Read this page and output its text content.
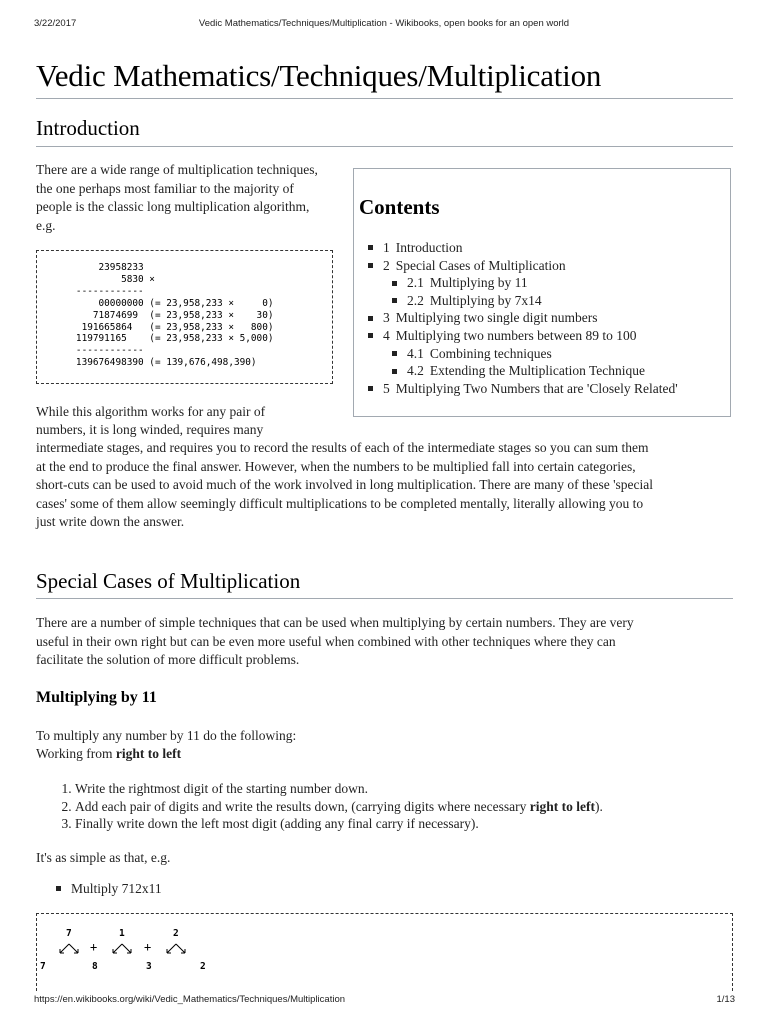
3/22/2017	Vedic Mathematics/Techniques/Multiplication - Wikibooks, open books for an open world
Vedic Mathematics/Techniques/Multiplication
Introduction

There are a wide range of multiplication techniques, the one perhaps most familiar to the majority of people is the classic long multiplication algorithm, e.g.

Contents
1 Introduction
2 Special Cases of Multiplication
2.1 Multiplying by 11
2.2 Multiplying by 7x14
3 Multiplying two single digit numbers
4 Multiplying two numbers between 89 to 100
4.1 Combining techniques
4.2 Extending the Multiplication Technique
5 Multiplying Two Numbers that are 'Closely Related'
23958233
5830 ×
------------
00000000 (= 23,958,233 ×     0)
71874699  (= 23,958,233 ×    30)
191665864   (= 23,958,233 ×   800)
119791165    (= 23,958,233 × 5,000)
------------
139676498390 (= 139,676,498,390)

While this algorithm works for any pair of

numbers, it is long winded, requires many

intermediate stages, and requires you to record the results of each of the intermediate stages so you can sum them

at the end to produce the final answer. However, when the numbers to be multiplied fall into certain categories,

short-cuts can be used to avoid much of the work involved in long multiplication. There are many of these 'special

cases' some of them allow seemingly difficult multiplications to be completed mentally, literally allowing you to

just write down the answer.

Special Cases of Multiplication

There are a number of simple techniques that can be used when multiplying by certain numbers. They are very

useful in their own right but can be even more useful when combined with other techniques where they can

facilitate the solution of more difficult problems.

Multiplying by 11

To multiply any number by 11 do the following:

Working from right to left

1. Write the rightmost digit of the starting number down.
2. Add each pair of digits and write the results down, (carrying digits where necessary right to left).
3. Finally write down the left most digit (adding any final carry if necessary).

It's as simple as that, e.g.

Multiply 712x11
7	1	2
+	+
7	8	3	2
https://en.wikibooks.org/wiki/Vedic_Mathematics/Techniques/Multiplication	1/13
